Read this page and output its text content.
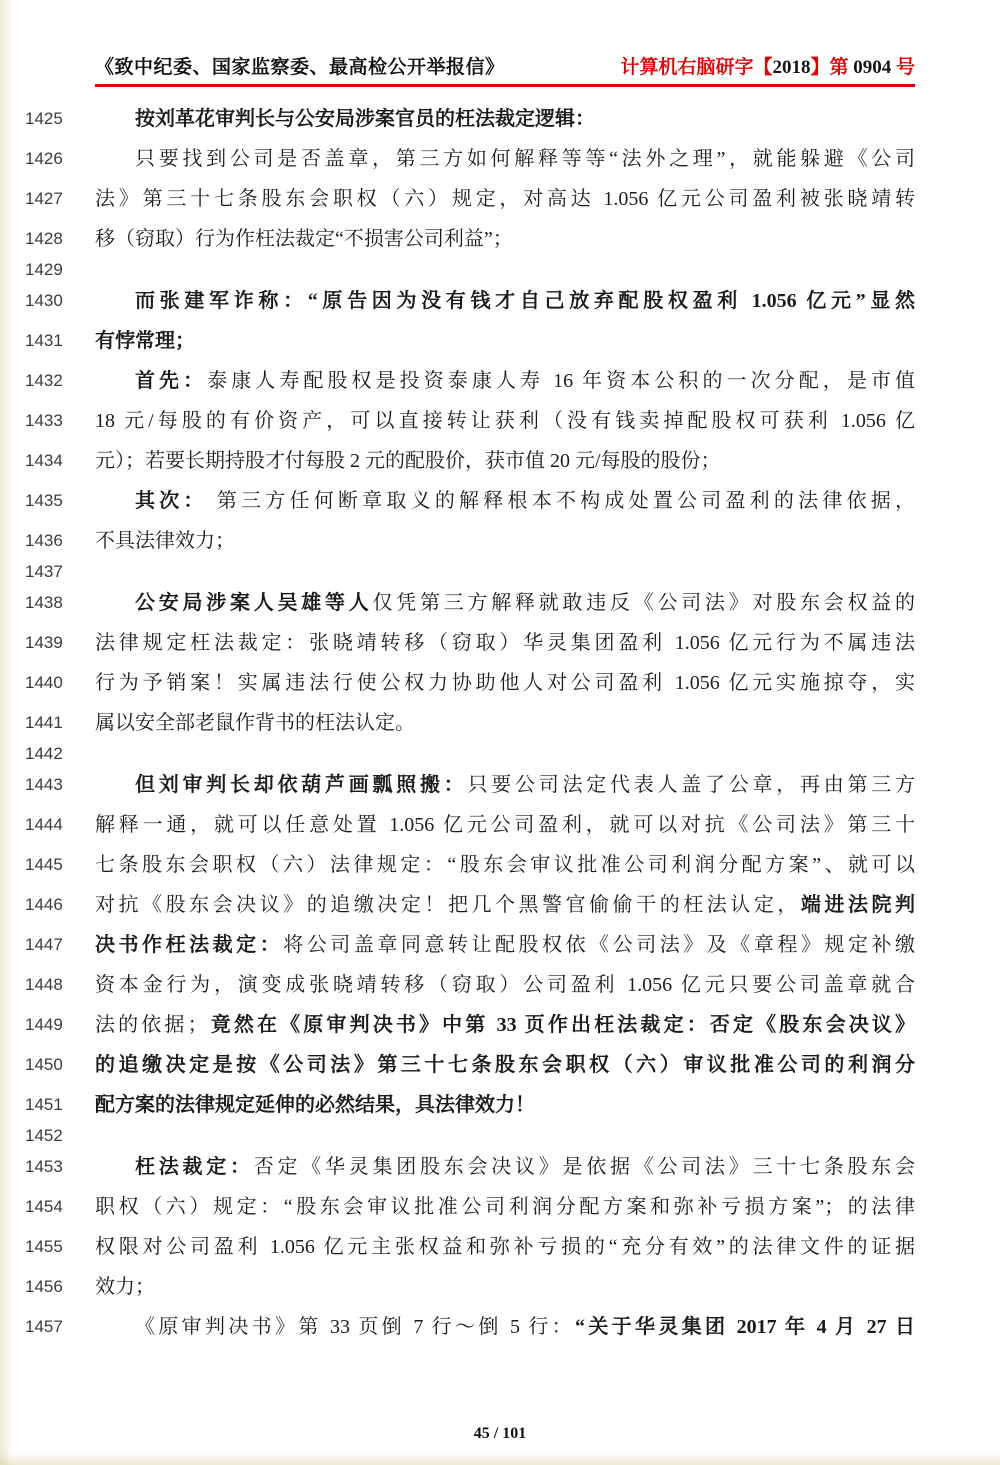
《致中纪委、国家监察委、最高检公开举报信》	计算机右脑研字【2018】第 0904 号
1425	按刘革花审判长与公安局涉案官员的枉法裁定逻辑：
1426	只要找到公司是否盖章，第三方如何解释等等“法外之理”，就能躲避《公司
1427 法》第三十七条股东会职权（六）规定，对高达 1.056 亿元公司盈利被张晓靖转
1428 移（窃取）行为作枉法裁定“不损害公司利益”；
1429
1430	而张建军诈称：“原告因为没有钱才自己放弃配股权盈利 1.056 亿元”显然
1431 有悖常理；
1432	首先：泰康人寿配股权是投资泰康人寿 16 年资本公积的一次分配，是市值
1433 18 元/每股的有价资产，可以直接转让获利（没有钱卖掉配股权可获利 1.056 亿
1434 元）；若要长期持股才付每股 2 元的配股价，获市值 20 元/每股的股份；
1435	其次： 第三方任何断章取义的解释根本不构成处置公司盈利的法律依据，
1436 不具法律效力；
1437
1438	公安局涉案人吴雄等人仅凭第三方解释就敢违反《公司法》对股东会权益的
1439 法律规定枉法裁定：张晓靖转移（窃取）华灵集团盈利 1.056 亿元行为不属违法
1440 行为予销案！实属违法行使公权力协助他人对公司盈利 1.056 亿元实施掠夺，实
1441 属以安全部老鼠作背书的枉法认定。
1442
1443	但刘审判长却依葫芦画瓢照搬：只要公司法定代表人盖了公章，再由第三方
1444 解释一通，就可以任意处置 1.056 亿元公司盈利，就可以对抗《公司法》第三十
1445 七条股东会职权（六）法律规定：“股东会审议批准公司利润分配方案”、就可以
1446 对抗《股东会决议》的追缴决定！把几个黑警官偷偷干的枉法认定，端进法院判
1447 决书作枉法裁定：将公司盖章同意转让配股权依《公司法》及《章程》规定补缴
1448 资本金行为，演变成张晓靖转移（窃取）公司盈利 1.056 亿元只要公司盖章就合
1449 法的依据；竟然在《原审判决书》中第 33 页作出枉法裁定：否定《股东会决议》
1450 的追缴决定是按《公司法》第三十七条股东会职权（六）审议批准公司的利润分
1451 配方案的法律规定延伸的必然结果，具法律效力！
1452
1453	枉法裁定：否定《华灵集团股东会决议》是依据《公司法》三十七条股东会
1454 职权（六）规定：“股东会审议批准公司利润分配方案和弥补亏损方案”；的法律
1455 权限对公司盈利 1.056 亿元主张权益和弥补亏损的“充分有效”的法律文件的证据
1456 效力；
1457	《原审判决书》第 33 页倒 7 行～倒 5 行：“关于华灵集团 2017 年 4 月 27 日
45 / 101
